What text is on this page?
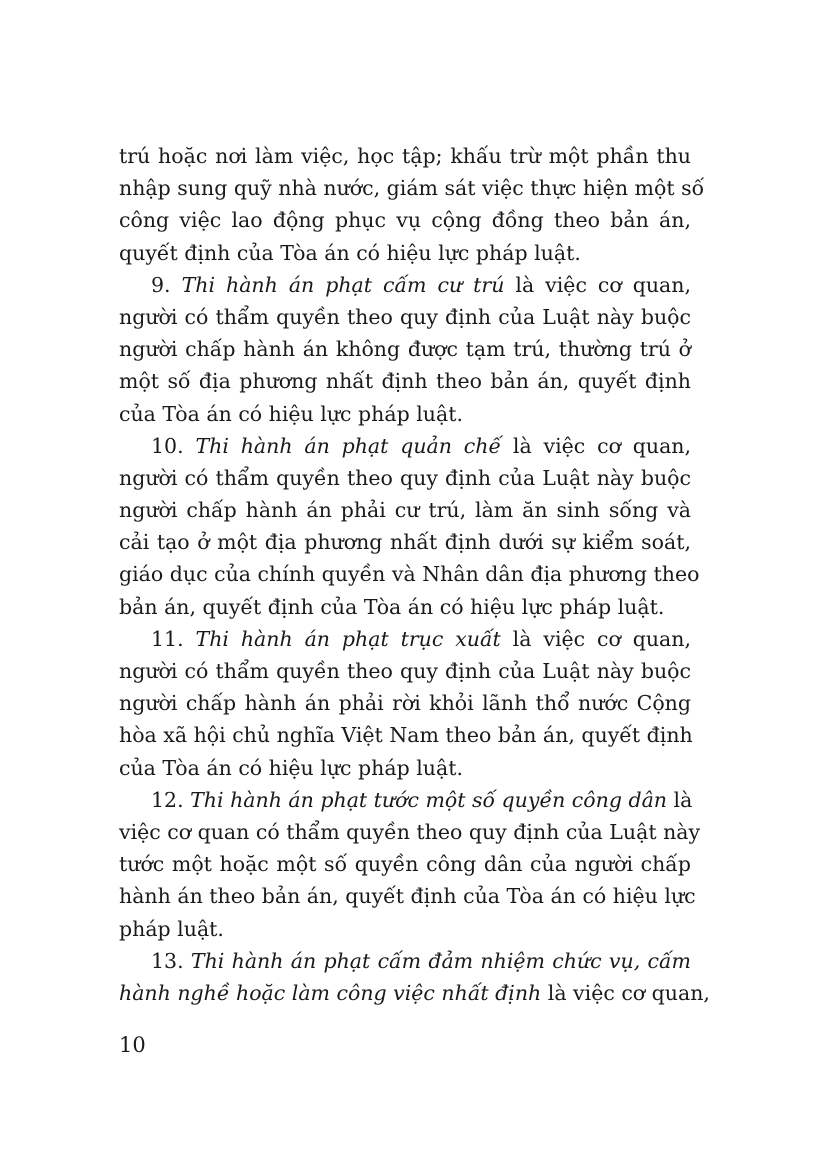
trú hoặc nơi làm việc, học tập; khấu trừ một phần thu
nhập sung quỹ nhà nước, giám sát việc thực hiện một số
công việc lao động phục vụ cộng đồng theo bản án,
quyết định của Tòa án có hiệu lực pháp luật.
9. Thi hành án phạt cấm cư trú là việc cơ quan,
người có thẩm quyền theo quy định của Luật này buộc
người chấp hành án không được tạm trú, thường trú ở
một số địa phương nhất định theo bản án, quyết định
của Tòa án có hiệu lực pháp luật.
10. Thi hành án phạt quản chế là việc cơ quan,
người có thẩm quyền theo quy định của Luật này buộc
người chấp hành án phải cư trú, làm ăn sinh sống và
cải tạo ở một địa phương nhất định dưới sự kiểm soát,
giáo dục của chính quyền và Nhân dân địa phương theo
bản án, quyết định của Tòa án có hiệu lực pháp luật.
11. Thi hành án phạt trục xuất là việc cơ quan,
người có thẩm quyền theo quy định của Luật này buộc
người chấp hành án phải rời khỏi lãnh thổ nước Cộng
hòa xã hội chủ nghĩa Việt Nam theo bản án, quyết định
của Tòa án có hiệu lực pháp luật.
12. Thi hành án phạt tước một số quyền công dân là
việc cơ quan có thẩm quyền theo quy định của Luật này
tước một hoặc một số quyền công dân của người chấp
hành án theo bản án, quyết định của Tòa án có hiệu lực
pháp luật.
13. Thi hành án phạt cấm đảm nhiệm chức vụ, cấm
hành nghề hoặc làm công việc nhất định là việc cơ quan,
10
